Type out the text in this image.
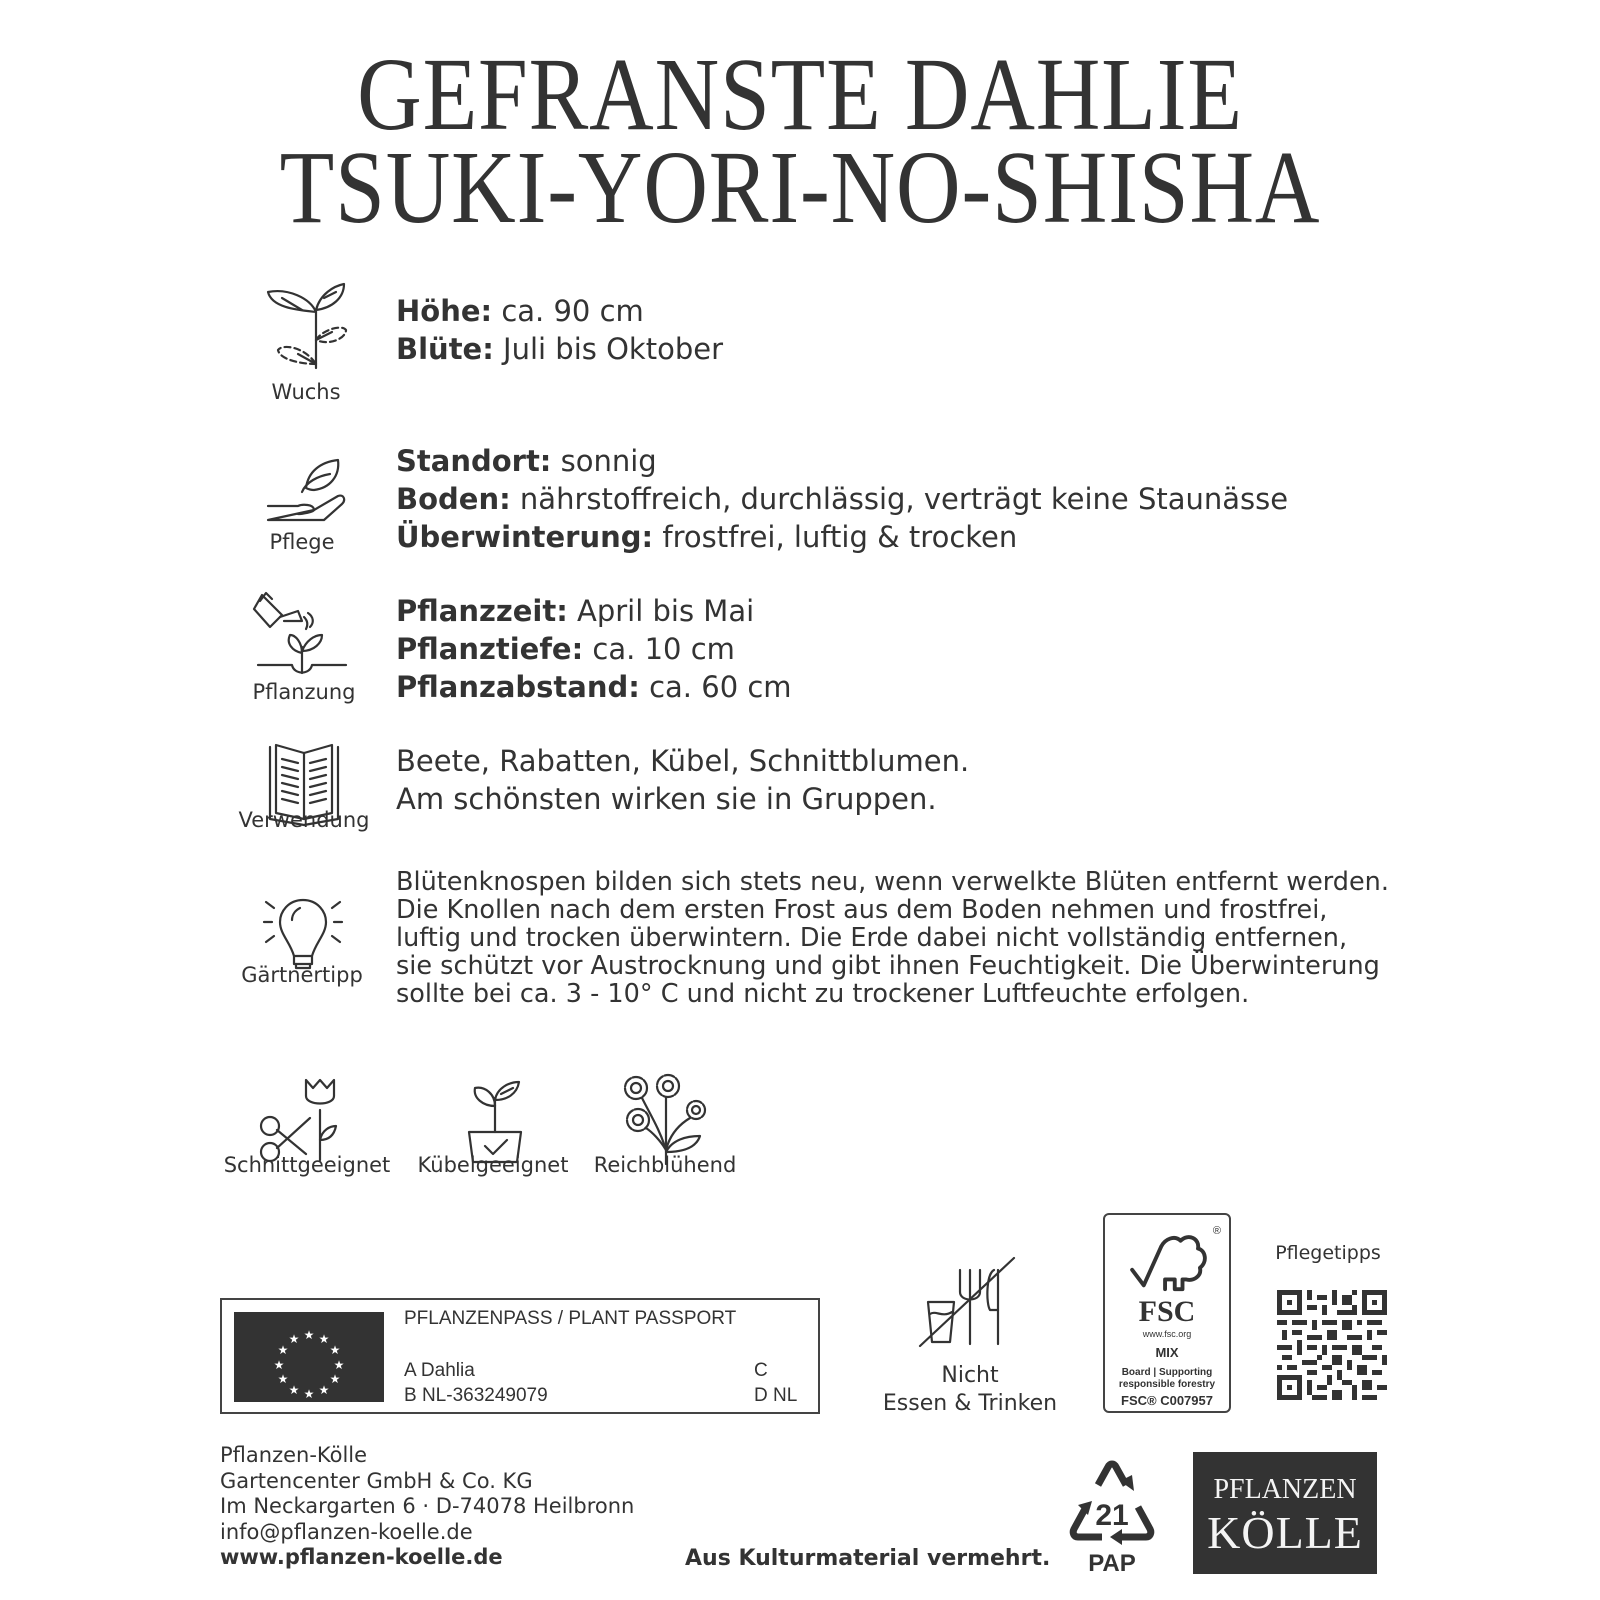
GEFRANSTE DAHLIE
TSUKI-YORI-NO-SHISHA
Wuchs
Höhe: ca. 90 cm
Blüte: Juli bis Oktober
Pflege
Standort: sonnig
Boden: nährstoffreich, durchlässig, verträgt keine Staunässe
Überwinterung: frostfrei, luftig & trocken
Pflanzung
Pflanzzeit: April bis Mai
Pflanztiefe: ca. 10 cm
Pflanzabstand: ca. 60 cm
Verwendung
Beete, Rabatten, Kübel, Schnittblumen.
Am schönsten wirken sie in Gruppen.
Gärtnertipp
Blütenknospen bilden sich stets neu, wenn verwelkte Blüten entfernt werden.
Die Knollen nach dem ersten Frost aus dem Boden nehmen und frostfrei,
luftig und trocken überwintern. Die Erde dabei nicht vollständig entfernen,
sie schützt vor Austrocknung und gibt ihnen Feuchtigkeit. Die Überwinterung
sollte bei ca. 3 - 10° C und nicht zu trockener Luftfeuchte erfolgen.
Schnittgeeignet	Kübelgeeignet	Reichblühend
★ ★
★
★
★
★
★
★
★
★
★
★
PFLANZENPASS / PLANT PASSPORT
A Dahlia
B NL-363249079
C
D NL
Nicht
Essen & Trinken
®
FSC
www.fsc.org
MIX
Board | Supporting
responsible forestry
FSC® C007957
Pflegetipps
Pflanzen-Kölle
Gartencenter GmbH & Co. KG
Im Neckargarten 6 · D-74078 Heilbronn
info@pflanzen-koelle.de
www.pflanzen-koelle.de	Aus Kulturmaterial vermehrt.
21
PAP
PFLANZEN
KÖLLE
